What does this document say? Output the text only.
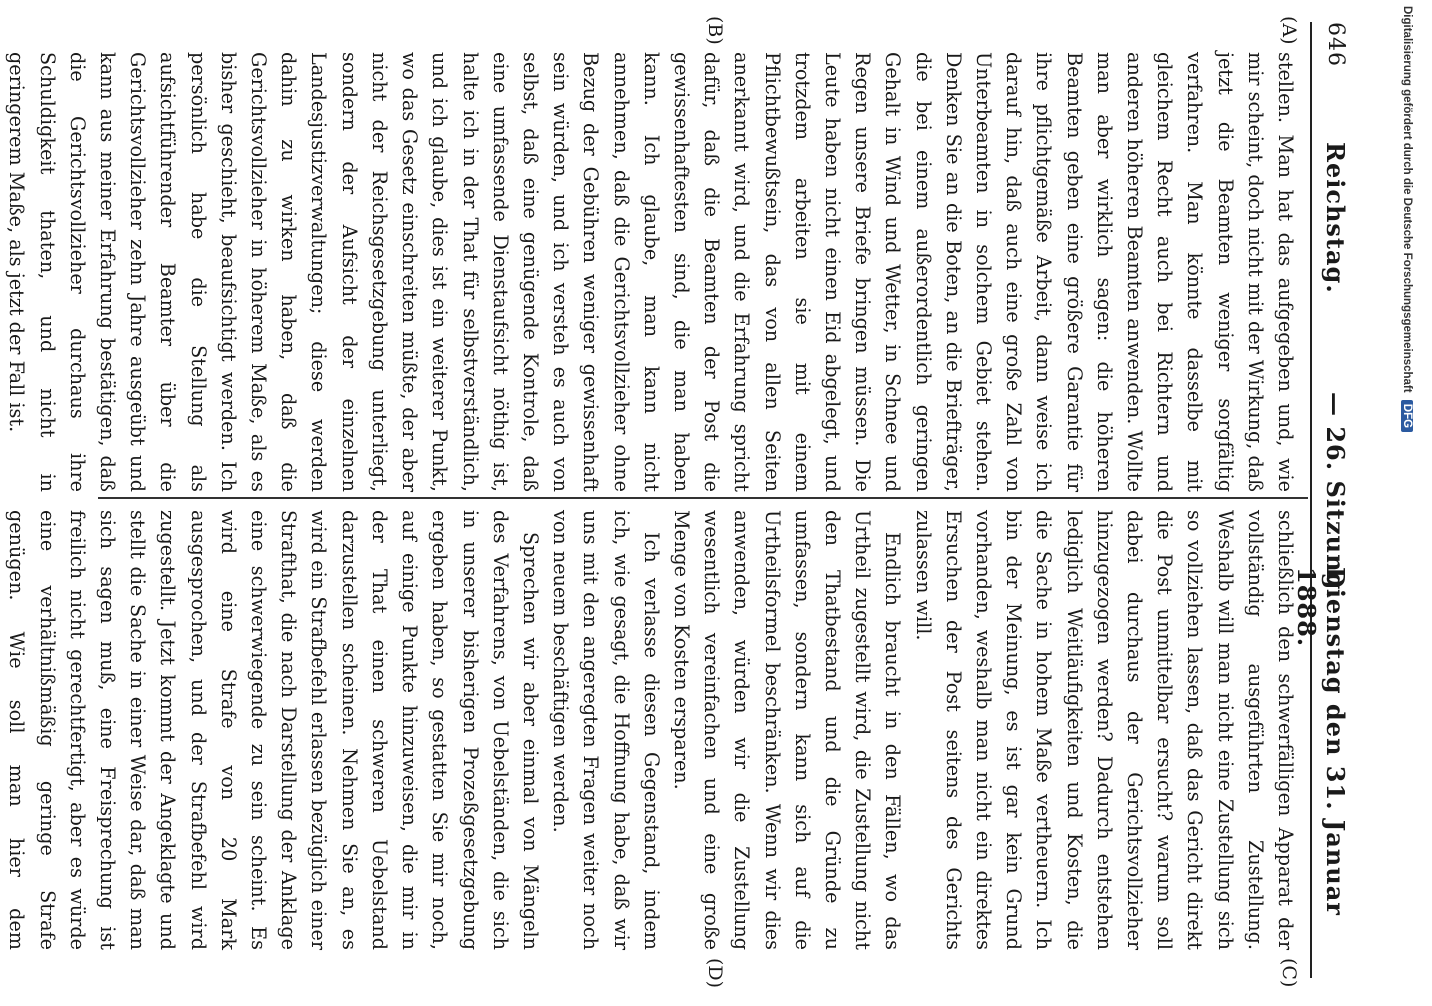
646
Reichstag.
— 26. Sitzung.
Dienstag den 31. Januar 1888.
(A)
(B)
(C)
(D)

stellen. Man hat das aufgegeben und, wie mir scheint, doch nicht mit der Wirkung, daß jetzt die Beamten weniger sorgfältig verfahren. Man könnte dasselbe mit gleichem Recht auch bei Richtern und anderen höheren Beamten anwenden. Wollte man aber wirklich sagen: die höheren Beamten geben eine größere Garantie für ihre pflichtgemäße Arbeit, dann weise ich darauf hin, daß auch eine große Zahl von Unterbeamten in solchem Gebiet stehen. Denken Sie an die Boten, an die Briefträger, die bei einem außerordentlich geringen Gehalt in Wind und Wetter, in Schnee und Regen unsere Briefe bringen müssen. Die Leute haben nicht einen Eid abgelegt, und trotzdem arbeiten sie mit einem Pflichtbewußtsein, das von allen Seiten anerkannt wird, und die Erfahrung spricht dafür, daß die Beamten der Post die gewissenhaftesten sind, die man haben kann. Ich glaube, man kann nicht annehmen, daß die Gerichtsvollzieher ohne Bezug der Gebühren weniger gewissenhaft sein würden, und ich versteh es auch von selbst, daß eine genügende Kontrole, daß eine umfassende Dienstaufsicht nöthig ist, halte ich in der That für selbstverständlich, und ich glaube, dies ist ein weiterer Punkt, wo das Gesetz einschreiten müßte, der aber nicht der Reichsgesetzgebung unterliegt, sondern der Aufsicht der einzelnen Landesjustizverwaltungen; diese werden dahin zu wirken haben, daß die Gerichtsvollzieher in höherem Maße, als es bisher geschieht, beaufsichtigt werden. Ich persönlich habe die Stellung als aufsichtführender Beamter über die Gerichtsvollzieher zehn Jahre ausgeübt und kann aus meiner Erfahrung bestätigen, daß die Gerichtsvollzieher durchaus ihre Schuldigkeit thaten, und nicht in geringerem Maße, als jetzt der Fall ist.

schließlich den schwerfälligen Apparat der vollständig ausgeführten Zustellung. Weshalb will man nicht eine Zustellung sich so vollziehen lassen, daß das Gericht direkt die Post unmittelbar ersucht? warum soll dabei durchaus der Gerichtsvollzieher hinzugezogen werden? Dadurch entstehen lediglich Weitläufigkeiten und Kosten, die die Sache in hohem Maße vertheuern. Ich bin der Meinung, es ist gar kein Grund vorhanden, weshalb man nicht ein direktes Ersuchen der Post seitens des Gerichts zulassen will.

Endlich braucht in den Fällen, wo das Urtheil zugestellt wird, die Zustellung nicht den Thatbestand und die Gründe zu umfassen, sondern kann sich auf die Urtheilsformel beschränken. Wenn wir dies anwenden, würden wir die Zustellung wesentlich vereinfachen und eine große Menge von Kosten ersparen.

Ich verlasse diesen Gegenstand, indem ich, wie gesagt, die Hoffnung habe, daß wir uns mit den angeregten Fragen weiter noch von neuem beschäftigen werden.

Sprechen wir aber einmal von Mängeln des Verfahrens, von Uebelständen, die sich in unserer bisherigen Prozeßgesetzgebung ergeben haben, so gestatten Sie mir noch, auf einige Punkte hinzuweisen, die mir in der That einen schweren Uebelstand darzustellen scheinen. Nehmen Sie an, es wird ein Strafbefehl erlassen bezüglich einer Strafthat, die nach Darstellung der Anklage eine schwerwiegende zu sein scheint. Es wird eine Strafe von 20 Mark ausgesprochen, und der Strafbefehl wird zugestellt. Jetzt kommt der Angeklagte und stellt die Sache in einer Weise dar, daß man sich sagen muß, eine Freisprechung ist freilich nicht gerechtfertigt, aber es würde eine verhältnißmäßig geringe Strafe genügen. Wie soll man hier dem

Digitalisierung gefördert durch die Deutsche Forschungsgemeinschaft DFG
